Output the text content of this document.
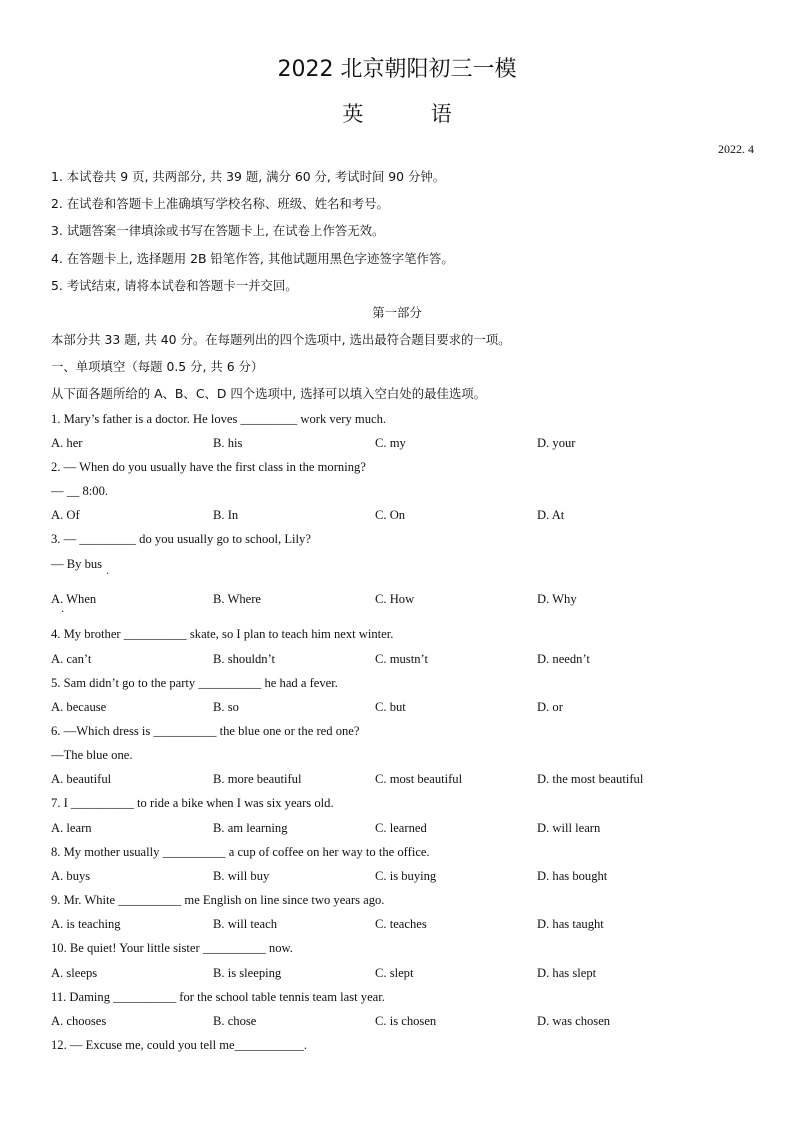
2022 北京朝阳初三一模
英	语
2022. 4
1. 本试卷共 9 页, 共两部分, 共 39 题, 满分 60 分, 考试时间 90 分钟。
2. 在试卷和答题卡上准确填写学校名称、班级、姓名和考号。
3. 试题答案一律填涂或书写在答题卡上, 在试卷上作答无效。
4. 在答题卡上, 选择题用 2B 铅笔作答, 其他试题用黑色字迹签字笔作答。
5. 考试结束, 请将本试卷和答题卡一并交回。
第一部分
本部分共 33 题, 共 40 分。在每题列出的四个选项中, 选出最符合题目要求的一项。
一、单项填空（每题 0.5 分, 共 6 分）
从下面各题所给的 A、B、C、D 四个选项中, 选择可以填入空白处的最佳选项。
1. Mary’s father is a doctor. He loves _________ work very much.
A. her	B. his	C. my	D. your
2. — When do you usually have the first class in the morning?
— __ 8:00.
A. Of	B. In	C. On	D. At
3. — _________ do you usually go to school, Lily?
— By bus
.
A. When
.
B. Where	C. How	D. Why
4. My brother __________ skate, so I plan to teach him next winter.
A. can’t	B. shouldn’t	C. mustn’t	D. needn’t
5. Sam didn’t go to the party __________ he had a fever.
A. because	B. so	C. but	D. or
6. —Which dress is __________ the blue one or the red one?
—The blue one.
A. beautiful	B. more beautiful	C. most beautiful	D. the most beautiful
7. I __________ to ride a bike when I was six years old.
A. learn	B. am learning	C. learned	D. will learn
8. My mother usually __________ a cup of coffee on her way to the office.
A. buys	B. will buy	C. is buying	D. has bought
9. Mr. White __________ me English on line since two years ago.
A. is teaching	B. will teach	C. teaches	D. has taught
10. Be quiet! Your little sister __________ now.
A. sleeps	B. is sleeping	C. slept	D. has slept
11. Daming __________ for the school table tennis team last year.
A. chooses	B. chose	C. is chosen	D. was chosen
12. — Excuse me, could you tell me___________.
